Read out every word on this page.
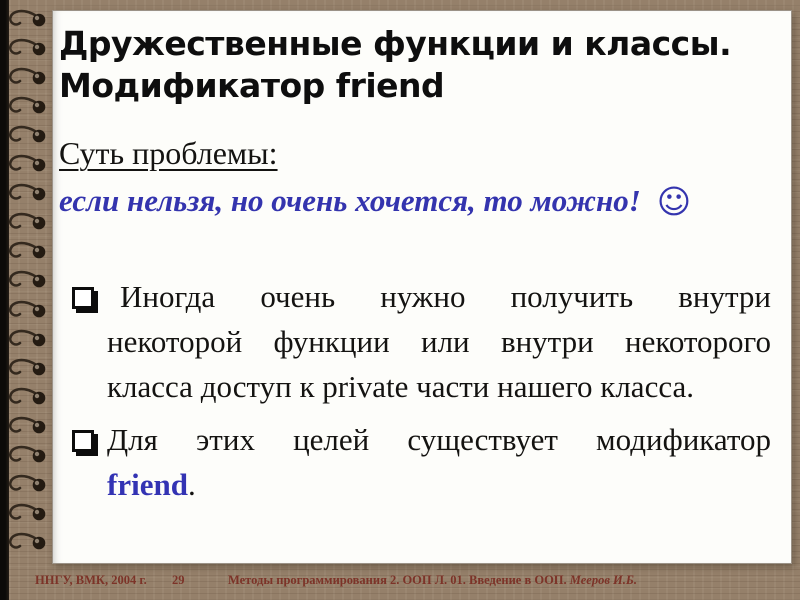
Дружественные функции и классы.
Модификатор friend
Суть проблемы:
если нельзя, но очень хочется, то можно! ☺
Иногда очень нужно получить внутри
некоторой функции или внутри некоторого
класса доступ к private части нашего класса.
Для этих целей существует модификатор
friend.
ННГУ, ВМК, 2004 г. 29	Методы программирования 2. ООП Л. 01. Введение в ООП. Мееров И.Б.
